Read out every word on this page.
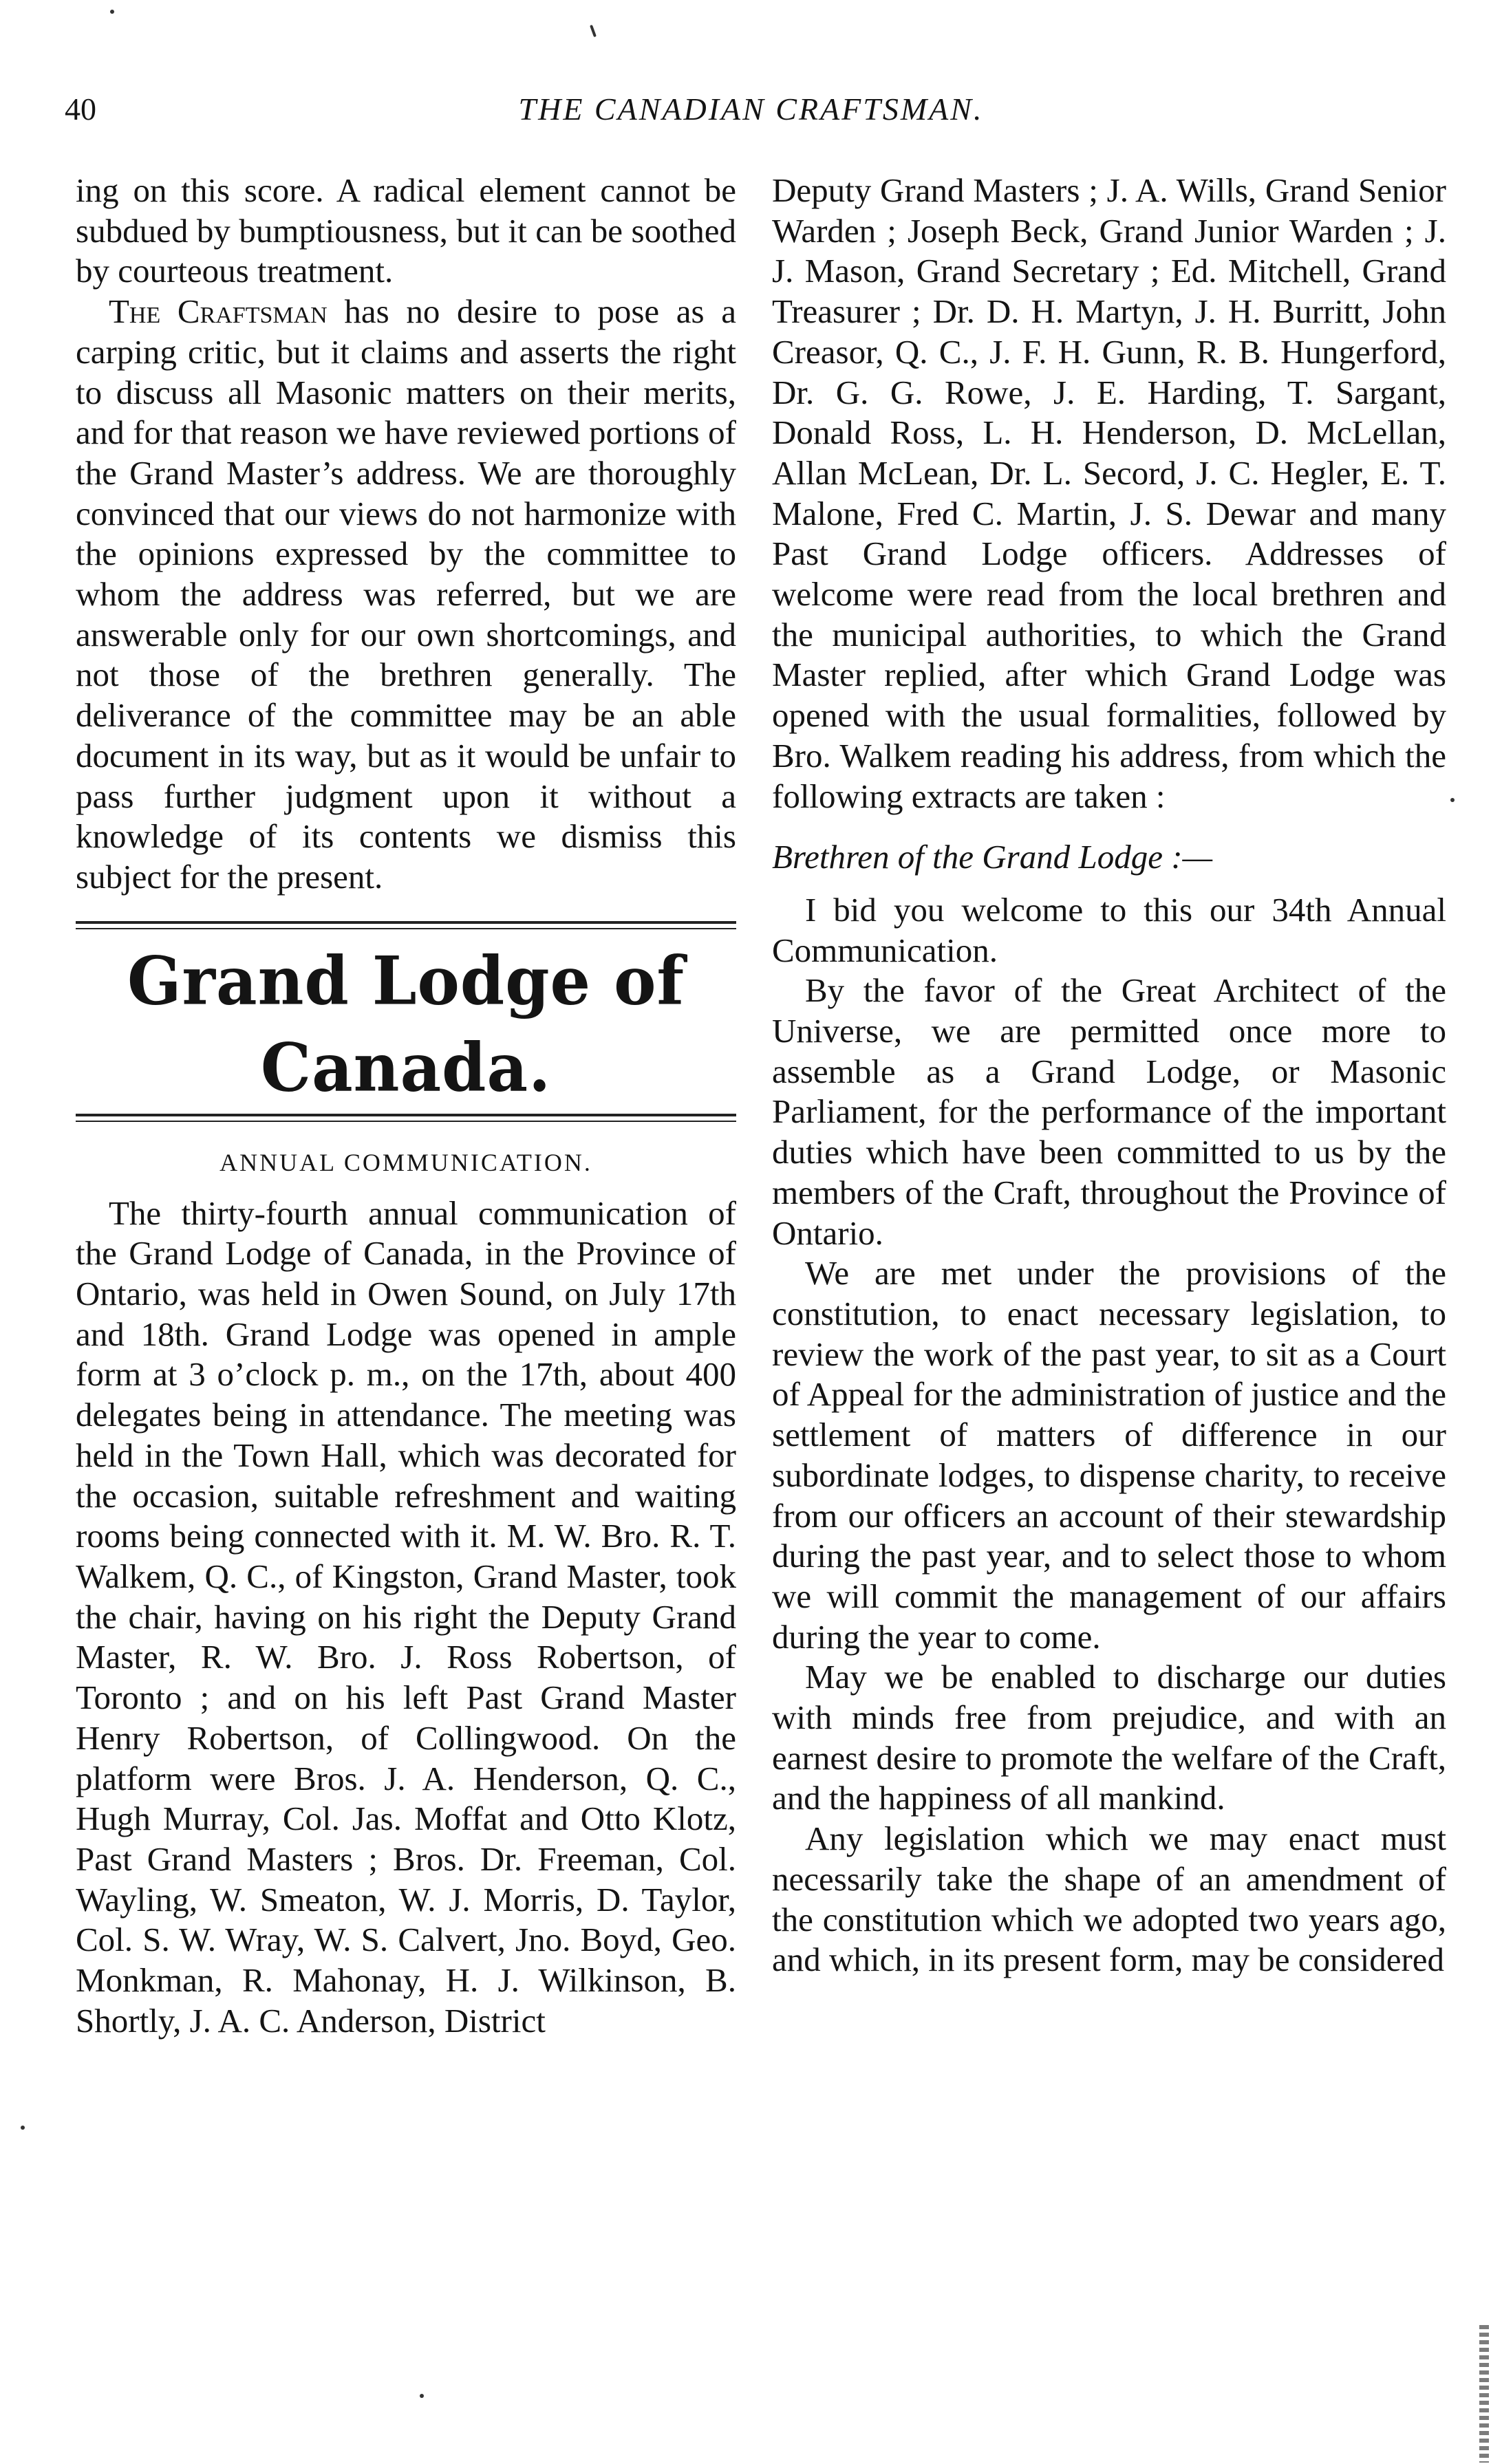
40	THE CANADIAN CRAFTSMAN.

ing on this score. A radical element cannot be subdued by bumptiousness, but it can be soothed by courteous treatment.

The Craftsman has no desire to pose as a carping critic, but it claims and asserts the right to discuss all Masonic matters on their merits, and for that reason we have reviewed portions of the Grand Master’s address. We are thoroughly convinced that our views do not harmonize with the opinions expressed by the committee to whom the address was referred, but we are answerable only for our own shortcomings, and not those of the brethren generally. The deliverance of the committee may be an able document in its way, but as it would be unfair to pass further judgment upon it without a knowledge of its contents we dismiss this subject for the present.

Grand Lodge of Canada.
ANNUAL COMMUNICATION.

The thirty-fourth annual communication of the Grand Lodge of Canada, in the Province of Ontario, was held in Owen Sound, on July 17th and 18th. Grand Lodge was opened in ample form at 3 o’clock p. m., on the 17th, about 400 delegates being in attendance. The meeting was held in the Town Hall, which was decorated for the occasion, suitable refreshment and waiting rooms being connected with it. M. W. Bro. R. T. Walkem, Q. C., of Kingston, Grand Master, took the chair, having on his right the Deputy Grand Master, R. W. Bro. J. Ross Robertson, of Toronto ; and on his left Past Grand Master Henry Robertson, of Collingwood. On the platform were Bros. J. A. Henderson, Q. C., Hugh Murray, Col. Jas. Moffat and Otto Klotz, Past Grand Masters ; Bros. Dr. Freeman, Col. Wayling, W. Smeaton, W. J. Morris, D. Taylor, Col. S. W. Wray, W. S. Calvert, Jno. Boyd, Geo. Monkman, R. Mahonay, H. J. Wilkinson, B. Shortly, J. A. C. Anderson, District

Deputy Grand Masters ; J. A. Wills, Grand Senior Warden ; Joseph Beck, Grand Junior Warden ; J. J. Mason, Grand Secretary ; Ed. Mitchell, Grand Treasurer ; Dr. D. H. Martyn, J. H. Burritt, John Creasor, Q. C., J. F. H. Gunn, R. B. Hungerford, Dr. G. G. Rowe, J. E. Harding, T. Sargant, Donald Ross, L. H. Henderson, D. McLellan, Allan McLean, Dr. L. Secord, J. C. Hegler, E. T. Malone, Fred C. Martin, J. S. Dewar and many Past Grand Lodge officers. Addresses of welcome were read from the local brethren and the municipal authorities, to which the Grand Master replied, after which Grand Lodge was opened with the usual formalities, followed by Bro. Walkem reading his address, from which the following extracts are taken :

Brethren of the Grand Lodge :—

I bid you welcome to this our 34th Annual Communication.

By the favor of the Great Architect of the Universe, we are permitted once more to assemble as a Grand Lodge, or Masonic Parliament, for the performance of the important duties which have been committed to us by the members of the Craft, throughout the Province of Ontario.

We are met under the provisions of the constitution, to enact necessary legislation, to review the work of the past year, to sit as a Court of Appeal for the administration of justice and the settlement of matters of difference in our subordinate lodges, to dispense charity, to receive from our officers an account of their stewardship during the past year, and to select those to whom we will commit the management of our affairs during the year to come.

May we be enabled to discharge our duties with minds free from prejudice, and with an earnest desire to promote the welfare of the Craft, and the happiness of all mankind.

Any legislation which we may enact must necessarily take the shape of an amendment of the constitution which we adopted two years ago, and which, in its present form, may be considered
